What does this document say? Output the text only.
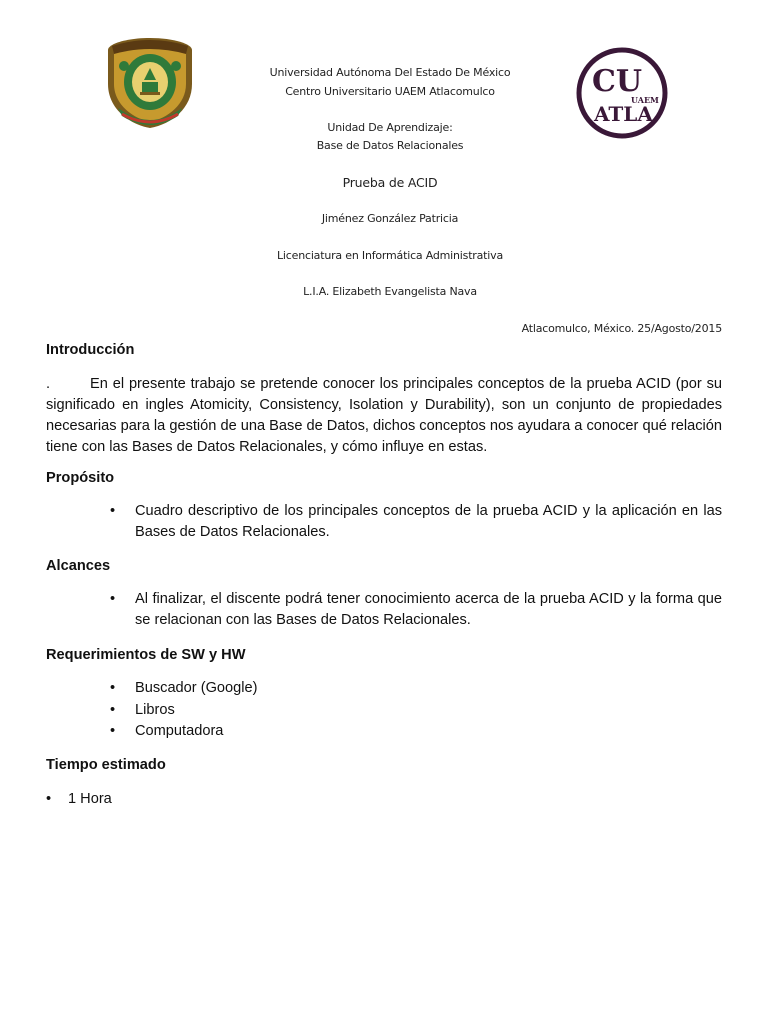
CU
UAEM
ATLA
Universidad Autónoma Del Estado De México
Centro Universitario UAEM Atlacomulco
Unidad De Aprendizaje:
Base de Datos Relacionales
Prueba de ACID
Jiménez González Patricia
Licenciatura en Informática Administrativa
L.I.A. Elizabeth Evangelista Nava
Atlacomulco, México. 25/Agosto/2015

Introducción

.	En el presente trabajo se pretende conocer los principales conceptos de la prueba ACID (por su significado en ingles Atomicity, Consistency, Isolation y Durability), son un conjunto de propiedades necesarias para la gestión de una Base de Datos, dichos conceptos nos ayudara a conocer qué relación tiene con las Bases de Datos Relacionales, y cómo influye en estas.

Propósito

• Cuadro descriptivo de los principales conceptos de la prueba ACID y la aplicación en las Bases de Datos Relacionales.

Alcances

• Al finalizar, el discente podrá tener conocimiento acerca de la prueba ACID y la forma que se relacionan con las Bases de Datos Relacionales.

Requerimientos de SW y HW

• Buscador (Google)
• Libros
• Computadora

Tiempo estimado

• 1 Hora
